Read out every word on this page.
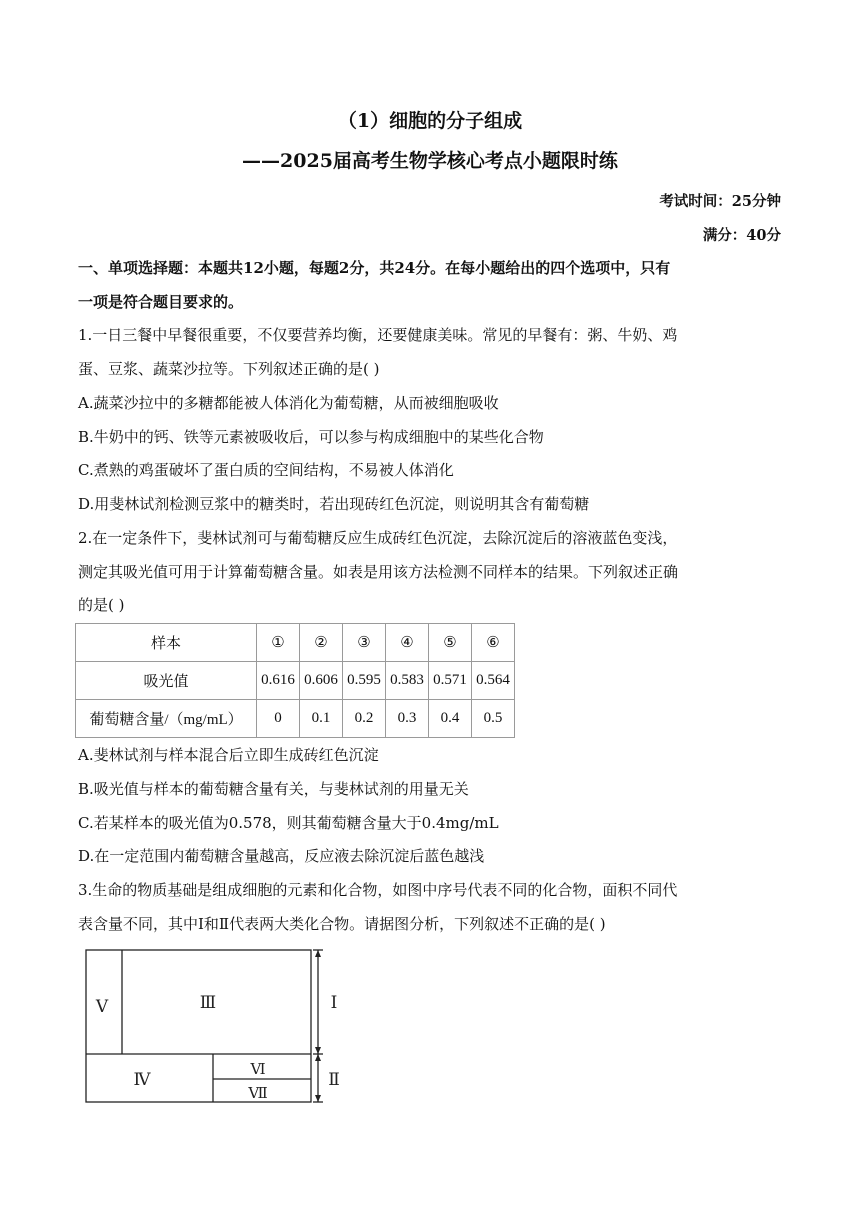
（1）细胞的分子组成
——2025届高考生物学核心考点小题限时练
考试时间：25分钟
满分：40分
一、单项选择题：本题共12小题，每题2分，共24分。在每小题给出的四个选项中，只有
一项是符合题目要求的。
1.一日三餐中早餐很重要，不仅要营养均衡，还要健康美味。常见的早餐有：粥、牛奶、鸡
蛋、豆浆、蔬菜沙拉等。下列叙述正确的是( )
A.蔬菜沙拉中的多糖都能被人体消化为葡萄糖，从而被细胞吸收
B.牛奶中的钙、铁等元素被吸收后，可以参与构成细胞中的某些化合物
C.煮熟的鸡蛋破坏了蛋白质的空间结构，不易被人体消化
D.用斐林试剂检测豆浆中的糖类时，若出现砖红色沉淀，则说明其含有葡萄糖
2.在一定条件下，斐林试剂可与葡萄糖反应生成砖红色沉淀，去除沉淀后的溶液蓝色变浅，
测定其吸光值可用于计算葡萄糖含量。如表是用该方法检测不同样本的结果。下列叙述正确
的是( )
样本	①	②	③	④	⑤	⑥
吸光值	0.616	0.606	0.595	0.583	0.571	0.564
葡萄糖含量/（mg/mL）	0	0.1	0.2	0.3	0.4	0.5
A.斐林试剂与样本混合后立即生成砖红色沉淀
B.吸光值与样本的葡萄糖含量有关，与斐林试剂的用量无关
C.若某样本的吸光值为0.578，则其葡萄糖含量大于0.4mg/mL
D.在一定范围内葡萄糖含量越高，反应液去除沉淀后蓝色越浅
3.生命的物质基础是组成细胞的元素和化合物，如图中序号代表不同的化合物，面积不同代
表含量不同，其中Ⅰ和Ⅱ代表两大类化合物。请据图分析，下列叙述不正确的是( )
Ⅴ	Ⅲ
Ⅳ	Ⅵ
Ⅶ
Ⅰ
Ⅱ
